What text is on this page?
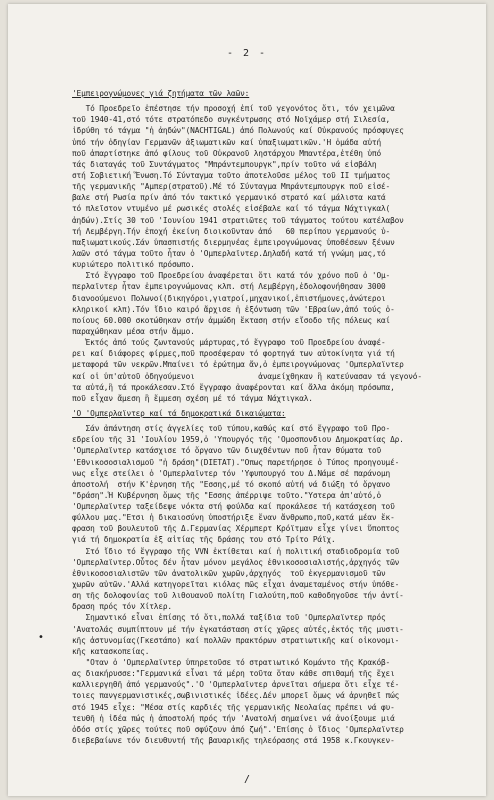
- 2 -
'Εμπειρογνώμονες γιά ζητήματα τῶν λαῶν:
Τό Προεδρεῖο ἐπέστησε τήν προσοχή ἐπί τοῦ γεγονότος ὅτι, τόν χειμῶνα
τοῦ 1940-41,στό τότε στρατόπεδο συγκέντρωσης στό Νοϊχάμερ στή Σιλεσία,
ἱδρύθη τό τάγμα "ἡ ἀηδών"(NACHTIGAL) ἀπό Πολωνούς καί Οὐκρανούς πρόσφυγες
ὑπό τήν ὁδηγίαν Γερμανῶν ἀξιωματικῶν καί ὑπαξιωματικῶν.'Η ὁμάδα αὐτή
ποῦ ἀπαρτίστηκε ἀπό φίλους τοῦ Οὐκρανοῦ ληστάρχου Μπαντέρα,ἐτέθη ὑπό
τάς διαταγάς τοῦ Συντάγματος "Μπράντεμπουργκ",πρίν τοῦτο νά εἰσβάλη
στή Σοβιετική Ἕνωση.Τό Σύνταγμα τοῦτο ἀποτελοῦσε μέλος τοῦ ΙΙ τμήματος
τῆς γερμανικῆς "Αμπερ(στρατοῦ).Μέ τό Σύνταγμα Μπράντεμπουργκ ποῦ εἰσέ-
βαλε στή Ρωσία πρίν ἀπό τόν τακτικό γερμανικό στρατό καί μάλιστα κατά
τό πλεῖστον ντυμένο μέ ρωσικές στολές εἰσέβαλε καί τό τάγμα Νάχτιγκαλ(
ἀηδών).Στίς 30 τοῦ 'Ιουνίου 1941 στρατιῶτες τοῦ τάγματος τούτου κατέλαβον
τή Λεμβέργη.Τήν ἐποχή ἐκείνη διοικοῦνταν ἀπό   60 περίπου γερμανούς ὑ-
παξιωματικούς.Σάν ὑπασπιστής διερμηνέας ἐμπειρογνώμονας ὑποθέσεων ξένων
λαῶν στό τάγμα τοῦτο ἦταν ὁ 'Ομπερλαϊντερ.Δηλαδή κατά τή γνώμη μας,τό
κυριώτερο πολιτικό πρόσωπο.
Στό ἔγγραφο τοῦ Προεδρείου ἀναφέρεται ὅτι κατά τόν χρόνο ποῦ ὁ 'Ομ-
περλαϊντερ ἦταν ἐμπειρογνώμονας κλπ. στή Λεμβέργη,ἐδολοφονήθησαν 3000
διανοούμενοι Πολωνοί(δικηγόροι,γιατροί,μηχανικοί,ἐπιστήμονες,ἀνώτεροι
κληρικοί κλπ).Τόν ἴδιο καιρό ἄρχισε ἡ ἐξόντωση τῶν 'Εβραίων,ἀπό τούς ὁ-
ποίους 60.000 σκοτώθηκαν στήν ἀμμώδη ἔκταση στήν εἴσοδο τῆς πόλεως καί
παραχώθηκαν μέσα στήν ἄμμο.
Ἐκτός ἀπό τούς ζωντανούς μάρτυρας,τό ἔγγραφο τοῦ Προεδρείου ἀναφέ-
ρει καί διάφορες φίρμες,ποῦ προσέφεραν τό φορτηγά των αὐτοκίνητα γιά τή
μεταφορά τῶν νεκρῶν.Μπαίνει τό ἐρώτημα ἄν,ὁ ἐμπειρογνώμονας 'Ομπερλαϊντερ
καί οἱ ὑπ'αὐτοῦ ὁδηγούμενοι              ἀναμείχθηκαν ἢ κατεύνασαν τά γεγονό-
τα αὐτά,ἢ τά προκάλεσαν.Στό ἔγγραφο ἀναφέρονται καί ἄλλα ἀκόμη πρόσωπα,
ποῦ εἶχαν ἄμεση ἢ ἔμμεση σχέση μέ τό τάγμα Νάχτιγκαλ.
'Ο 'Ομπερλαϊντερ καί τά δημοκρατικά δικαιώματα:
Σάν ἀπάντηση στίς ἀγγελίες τοῦ τύπου,καθώς καί στό ἔγγραφο τοῦ Προ-
εδρείου τῆς 31 'Ιουλίου 1959,ὁ 'Υπουργός τῆς 'Ομοσπονδιου Δημοκρατίας Δρ.
'Ομπερλαϊντερ κατάσχισε τό ὄργανο τῶν διωχθέντων ποῦ ἦταν θύματα τοῦ
'Εθνικοσοσιαλισμοῦ "ἡ δράση"(DIETAT)."Οπως παρετήρησε ὁ Τύπος προηγουμέ-
νως εἶχε στείλει ὁ 'Ομπερλαϊντερ τόν 'Υφυπουργό του Δ.Νάμε σέ παράνομη
ἀποστολή  στήν Κ'ἐρνηση τῆς "Εσσης,μέ τό σκοπό αὐτή νά διώξη τό ὄργανο
"δράση".Ἡ Κυβέρνηση ὅμως τῆς "Εσσης ἀπέρριψε τοῦτο."Υστερα ἀπ'αὐτό,ὁ
'Ομπερλαϊντερ ταξείδεψε νόκτα στή φούλδα καί προκάλεσε τή κατάσχεση τοῦ
φύλλου μας."Ετσι ἡ δικαιοσύνη ὑποστήριξε ἕναν ἄνθρωπο,ποῦ,κατά μέαν ἔκ-
φραση τοῦ βουλευτοῦ τῆς Δ.Γερμανίας Χέρμπερτ Κρόϊτμαν εἶχε γίνει ὕποπτος
γιά τή δημοκρατία ἐξ αἰτίας τῆς δράσης του στό Τρίτο Ράϊχ.
Στό ἴδιο τό ἔγγραφο τῆς VVN ἐκτίθεται καί ἡ πολιτική σταδιοδρομία τοῦ
'Ομπερλαϊντερ.Οὗτος δέν ἦταν μόνον μεγάλος ἐθνικοσοσιαλιστής,ἀρχηγός τῶν
ἐθνικοσοσιαλιστῶν τῶν ἀνατολικῶν χωρῶν,ἀρχηγός  τοῦ ἐκγερμανισμοῦ τῶν
χωρῶν αὐτῶν.'Αλλά κατηγορεῖται κιόλας πῶς εἶχαι ἀναμεταμένος στήν ὑπόθε-
ση τῆς δολοφονίας τοῦ λιθουανοῦ πολίτη Γιαλούτη,ποῦ καθοδηγοῦσε τήν ἀντί-
δραση πρός τόν Χίτλερ.
Σημαντικό εἶναι ἐπίσης τό ὅτι,πολλά ταξίδια τοῦ 'Ομπερλαϊντερ πρός
'Ανατολάς συμπίπτουν μέ τήν ἐγκατάσταση στίς χῶρες αὐτές,ἐκτός τῆς μυστι-
κῆς ἀστυνομίας(Γκεστάπο) καί πολλῶν πρακτόρων στρατιωτικῆς καί οἰκονομι-
κῆς κατασκοπείας.
"Οταν ὁ 'Ομπερλαϊντερ ὑπηρετοῦσε τό στρατιωτικό Κομάντο τῆς Κρακόβ-
ας διακήρυσσε:"Γερμανικά εἶναι τά μέρη τοῦτα ὅταν κάθε σπιθαμή τῆς ἔχει
καλλιεργηθῆ ἀπό γερμανούς".'Ο 'Ομπερλαϊντερ ἀρνεῖται σήμερα ὅτι εἶχε τέ-
τοιες πανγερμανιστικές,σωβινιστικές ἰδέες.Δέν μπορεῖ ὅμως νά ἀρνηθεῖ πώς
στό 1945 εἶχε: "Μέσα στίς καρδιές τῆς γερμανικῆς Νεολαίας πρέπει νά φυ-
τευθῆ ἡ ἰδέα πώς ἡ ἀποστολή πρός τήν 'Ανατολή σημαίνει νά ἀνοίξουμε μιά
ὁδόσ στίς χῶρες τούτες ποῦ σφύζουν ἀπό ζωή".'Επίσης ὁ ἴδιος 'Ομπερλαϊντερ
διεβεβαίωνε τόν διευθυντή τῆς βαυαρικῆς τηλεόρασης στά 1958 κ.Γκουγκεν-
•
/
